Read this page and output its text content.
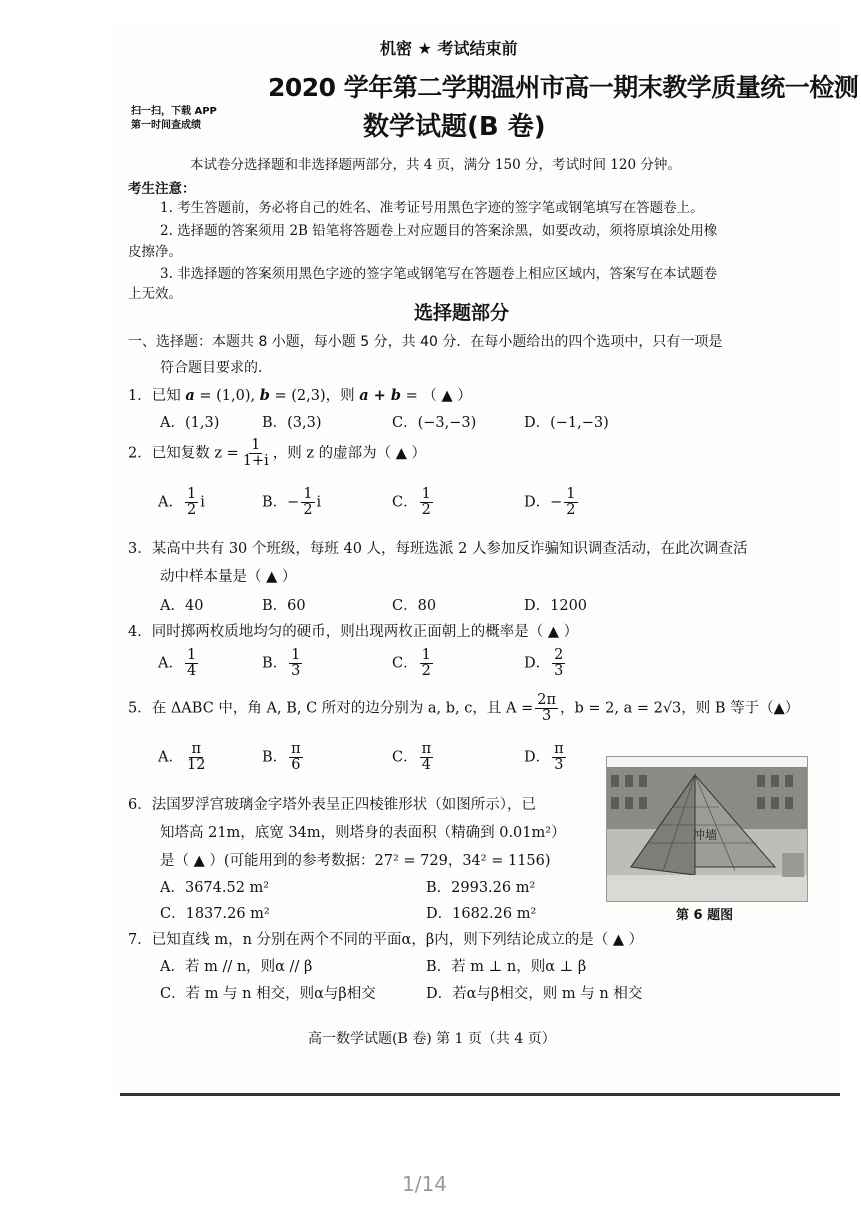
机密 ★ 考试结束前
2020 学年第二学期温州市高一期末教学质量统一检测
数学试题(B 卷)
扫一扫，下载 APP
第一时间查成绩
本试卷分选择题和非选择题两部分，共 4 页，满分 150 分，考试时间 120 分钟。
考生注意：
1. 考生答题前，务必将自己的姓名、准考证号用黑色字迹的签字笔或钢笔填写在答题卷上。
2. 选择题的答案须用 2B 铅笔将答题卷上对应题目的答案涂黑，如要改动，须将原填涂处用橡
皮擦净。
3. 非选择题的答案须用黑色字迹的签字笔或钢笔写在答题卷上相应区域内，答案写在本试题卷
上无效。
选择题部分
一、选择题：本题共 8 小题，每小题 5 分，共 40 分．在每小题给出的四个选项中，只有一项是
符合题目要求的．
1．已知 a = (1,0), b = (2,3)，则 a + b = （ ▲ ）
A．(1,3)	B．(3,3)	C．(−3,−3)	D．(−1,−3)
2．已知复数 $z = \frac{1}{1+i}$ ，则 z 的虚部为（ ▲ ）
A． $\frac{1}{2}$ i	B．− $\frac{1}{2}$ i	C． $\frac{1}{2}$	D．− $\frac{1}{2}$
3．某高中共有 30 个班级，每班 40 人，每班选派 2 人参加反诈骗知识调查活动，在此次调查活
动中样本量是（ ▲ ）
A．40	B．60	C．80	D．1200
4．同时掷两枚质地均匀的硬币，则出现两枚正面朝上的概率是（ ▲ ）
A． $\frac{1}{4}$	B． $\frac{1}{3}$	C． $\frac{1}{2}$	D． $\frac{2}{3}$
5．在 ΔABC 中，角 A, B, C 所对的边分别为 a, b, c，且 $A = \frac{2\pi}{3}$ ，b = 2, a = 2√3，则 B 等于（▲）
A． $\frac{\pi}{12}$	B． $\frac{\pi}{6}$	C． $\frac{\pi}{4}$	D． $\frac{\pi}{3}$
6．法国罗浮宫玻璃金字塔外表呈正四棱锥形状（如图所示），已
知塔高 21m，底宽 34m，则塔身的表面积（精确到 0.01m²）
是（ ▲ ）(可能用到的参考数据：27² = 729，34² = 1156)
A．3674.52 m²	B．2993.26 m²
C．1837.26 m²	D．1682.26 m²
冲墙
第 6 题图
7．已知直线 m，n 分别在两个不同的平面α，β内，则下列结论成立的是（ ▲ ）
A．若 m // n，则α // β	B．若 m ⊥ n，则α ⊥ β
C．若 m 与 n 相交，则α与β相交	D．若α与β相交，则 m 与 n 相交
高一数学试题(B 卷) 第 1 页（共 4 页）
1/14
